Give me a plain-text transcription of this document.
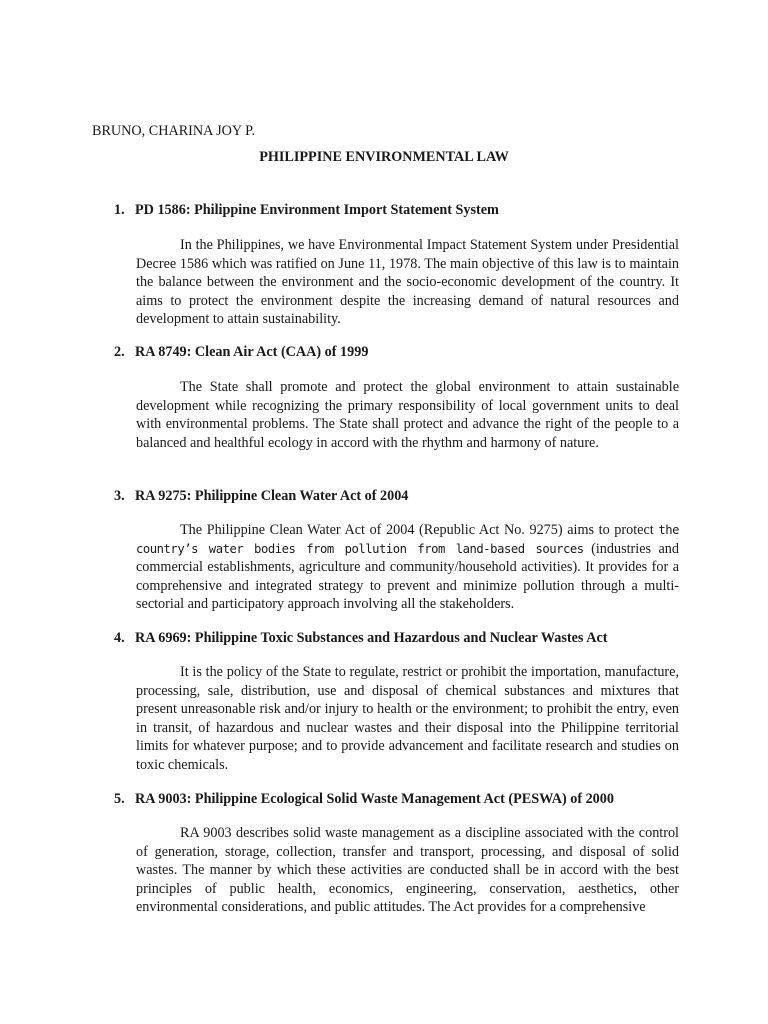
BRUNO, CHARINA JOY P.
PHILIPPINE ENVIRONMENTAL LAW
1. PD 1586: Philippine Environment Import Statement System

In the Philippines, we have Environmental Impact Statement System under Presidential Decree 1586 which was ratified on June 11, 1978. The main objective of this law is to maintain the balance between the environment and the socio-economic development of the country. It aims to protect the environment despite the increasing demand of natural resources and development to attain sustainability.

2. RA 8749: Clean Air Act (CAA) of 1999

The State shall promote and protect the global environment to attain sustainable development while recognizing the primary responsibility of local government units to deal with environmental problems. The State shall protect and advance the right of the people to a balanced and healthful ecology in accord with the rhythm and harmony of nature.

3. RA 9275: Philippine Clean Water Act of 2004

The Philippine Clean Water Act of 2004 (Republic Act No. 9275) aims to protect the country’s water bodies from pollution from land-based sources (industries and commercial establishments, agriculture and community/household activities). It provides for a comprehensive and integrated strategy to prevent and minimize pollution through a multi-sectorial and participatory approach involving all the stakeholders.

4. RA 6969: Philippine Toxic Substances and Hazardous and Nuclear Wastes Act

It is the policy of the State to regulate, restrict or prohibit the importation, manufacture, processing, sale, distribution, use and disposal of chemical substances and mixtures that present unreasonable risk and/or injury to health or the environment; to prohibit the entry, even in transit, of hazardous and nuclear wastes and their disposal into the Philippine territorial limits for whatever purpose; and to provide advancement and facilitate research and studies on toxic chemicals.

5. RA 9003: Philippine Ecological Solid Waste Management Act (PESWA) of 2000

RA 9003 describes solid waste management as a discipline associated with the control of generation, storage, collection, transfer and transport, processing, and disposal of solid wastes. The manner by which these activities are conducted shall be in accord with the best principles of public health, economics, engineering, conservation, aesthetics, other environmental considerations, and public attitudes. The Act provides for a comprehensive
